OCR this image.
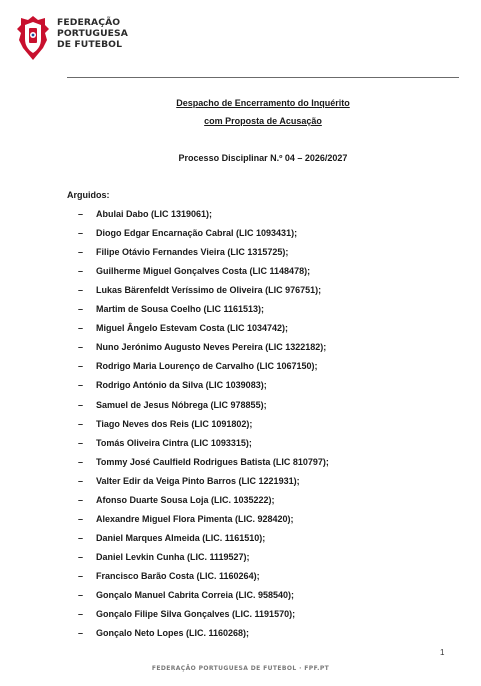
FEDERAÇÃO
PORTUGUESA
DE FUTEBOL
Despacho de Encerramento do Inquérito
com Proposta de Acusação
Processo Disciplinar N.º 04 – 2026/2027
Arguidos:
–	Abulai Dabo (LIC 1319061);
–	Diogo Edgar Encarnação Cabral (LIC 1093431);
–	Filipe Otávio Fernandes Vieira (LIC 1315725);
–	Guilherme Miguel Gonçalves Costa (LIC 1148478);
–	Lukas Bärenfeldt Veríssimo de Oliveira (LIC 976751);
–	Martim de Sousa Coelho (LIC 1161513);
–	Miguel Ângelo Estevam Costa (LIC 1034742);
–	Nuno Jerónimo Augusto Neves Pereira (LIC 1322182);
–	Rodrigo Maria Lourenço de Carvalho (LIC 1067150);
–	Rodrigo António da Silva (LIC 1039083);
–	Samuel de Jesus Nóbrega (LIC 978855);
–	Tiago Neves dos Reis (LIC 1091802);
–	Tomás Oliveira Cintra (LIC 1093315);
–	Tommy José Caulfield Rodrigues Batista (LIC 810797);
–	Valter Edir da Veiga Pinto Barros (LIC 1221931);
–	Afonso Duarte Sousa Loja (LIC. 1035222);
–	Alexandre Miguel Flora Pimenta (LIC. 928420);
–	Daniel Marques Almeida (LIC. 1161510);
–	Daniel Levkin Cunha (LIC. 1119527);
–	Francisco Barão Costa (LIC. 1160264);
–	Gonçalo Manuel Cabrita Correia (LIC. 958540);
–	Gonçalo Filipe Silva Gonçalves (LIC. 1191570);
–	Gonçalo Neto Lopes (LIC. 1160268);
1
FEDERAÇÃO PORTUGUESA DE FUTEBOL · FPF.PT
